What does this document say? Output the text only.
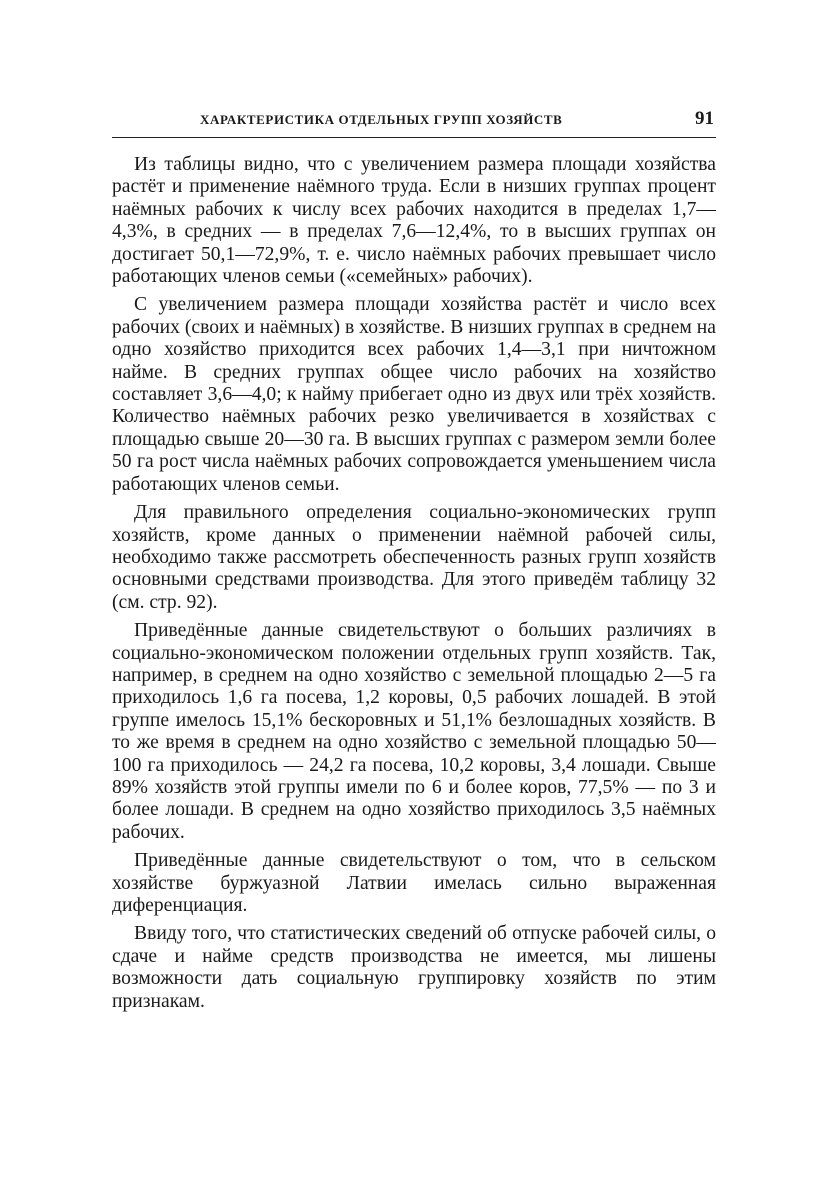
ХАРАКТЕРИСТИКА ОТДЕЛЬНЫХ ГРУПП ХОЗЯЙСТВ	91

Из таблицы видно, что с увеличением размера площади хозяйства растёт и применение наёмного труда. Если в низших группах процент наёмных рабочих к числу всех рабочих находится в пределах 1,7—4,3%, в средних — в пределах 7,6—12,4%, то в высших группах он достигает 50,1—72,9%, т. е. число наёмных рабочих превышает число работающих членов семьи («семейных» рабочих).

С увеличением размера площади хозяйства растёт и число всех рабочих (своих и наёмных) в хозяйстве. В низших группах в среднем на одно хозяйство приходится всех рабочих 1,4—3,1 при ничтожном найме. В средних группах общее число рабочих на хозяйство составляет 3,6—4,0; к найму прибегает одно из двух или трёх хозяйств. Количество наёмных рабочих резко увеличивается в хозяйствах с площадью свыше 20—30 га. В высших группах с размером земли более 50 га рост числа наёмных рабочих сопровождается уменьшением числа работающих членов семьи.

Для правильного определения социально-экономических групп хозяйств, кроме данных о применении наёмной рабочей силы, необходимо также рассмотреть обеспеченность разных групп хозяйств основными средствами производства. Для этого приведём таблицу 32 (см. стр. 92).

Приведённые данные свидетельствуют о больших различиях в социально-экономическом положении отдельных групп хозяйств. Так, например, в среднем на одно хозяйство с земельной площадью 2—5 га приходилось 1,6 га посева, 1,2 коровы, 0,5 рабочих лошадей. В этой группе имелось 15,1% бескоровных и 51,1% безлошадных хозяйств. В то же время в среднем на одно хозяйство с земельной площадью 50—100 га приходилось — 24,2 га посева, 10,2 коровы, 3,4 лошади. Свыше 89% хозяйств этой группы имели по 6 и более коров, 77,5% — по 3 и более лошади. В среднем на одно хозяйство приходилось 3,5 наёмных рабочих.

Приведённые данные свидетельствуют о том, что в сельском хозяйстве буржуазной Латвии имелась сильно выраженная диференциация.

Ввиду того, что статистических сведений об отпуске рабочей силы, о сдаче и найме средств производства не имеется, мы лишены возможности дать социальную группировку хозяйств по этим признакам.
